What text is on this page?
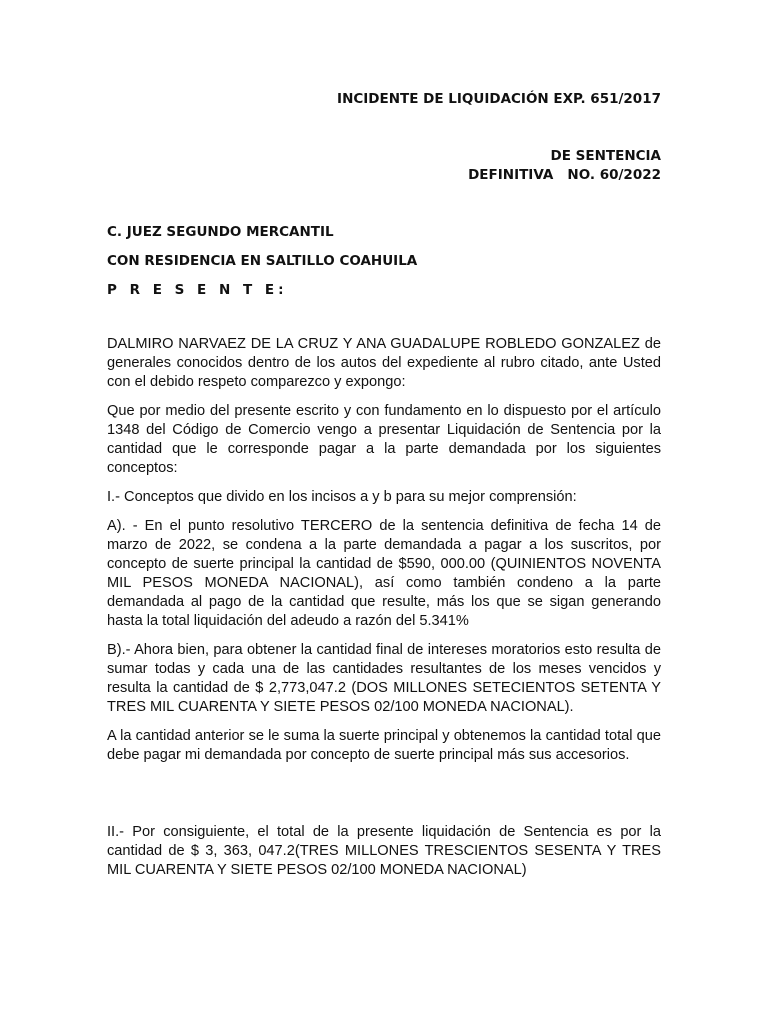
INCIDENTE DE LIQUIDACIÓN EXP. 651/2017

DE SENTENCIA

DEFINITIVA   NO. 60/2022

C. JUEZ SEGUNDO MERCANTIL

CON RESIDENCIA EN SALTILLO COAHUILA

P R E S E N T E:

DALMIRO NARVAEZ DE LA CRUZ Y ANA GUADALUPE ROBLEDO GONZALEZ de generales conocidos dentro de los autos del expediente al rubro citado, ante Usted con el debido respeto comparezco y expongo:

Que por medio del presente escrito y con fundamento en lo dispuesto por el artículo 1348 del Código de Comercio vengo a presentar Liquidación de Sentencia por la cantidad que le corresponde pagar a la parte demandada por los siguientes conceptos:

I.- Conceptos que divido en los incisos a y b para su mejor comprensión:

A). - En el punto resolutivo TERCERO de la sentencia definitiva de fecha 14 de marzo de 2022, se condena a la parte demandada a pagar a los suscritos, por concepto de suerte principal la cantidad de $590, 000.00 (QUINIENTOS NOVENTA MIL PESOS MONEDA NACIONAL), así como también condeno a la parte demandada al pago de la cantidad que resulte, más los que se sigan generando hasta la total liquidación del adeudo a razón del 5.341%

B).- Ahora bien, para obtener la cantidad final de intereses moratorios esto resulta de sumar todas y cada una de las cantidades resultantes de los meses vencidos y resulta la cantidad de $ 2,773,047.2 (DOS MILLONES SETECIENTOS SETENTA Y TRES MIL CUARENTA Y SIETE PESOS 02/100 MONEDA NACIONAL).

A la cantidad anterior se le suma la suerte principal y obtenemos la cantidad total que debe pagar mi demandada por concepto de suerte principal más sus accesorios.

II.- Por consiguiente, el total de la presente liquidación de Sentencia es por la cantidad de $ 3, 363, 047.2(TRES MILLONES TRESCIENTOS SESENTA Y TRES MIL CUARENTA Y SIETE PESOS 02/100 MONEDA NACIONAL)
